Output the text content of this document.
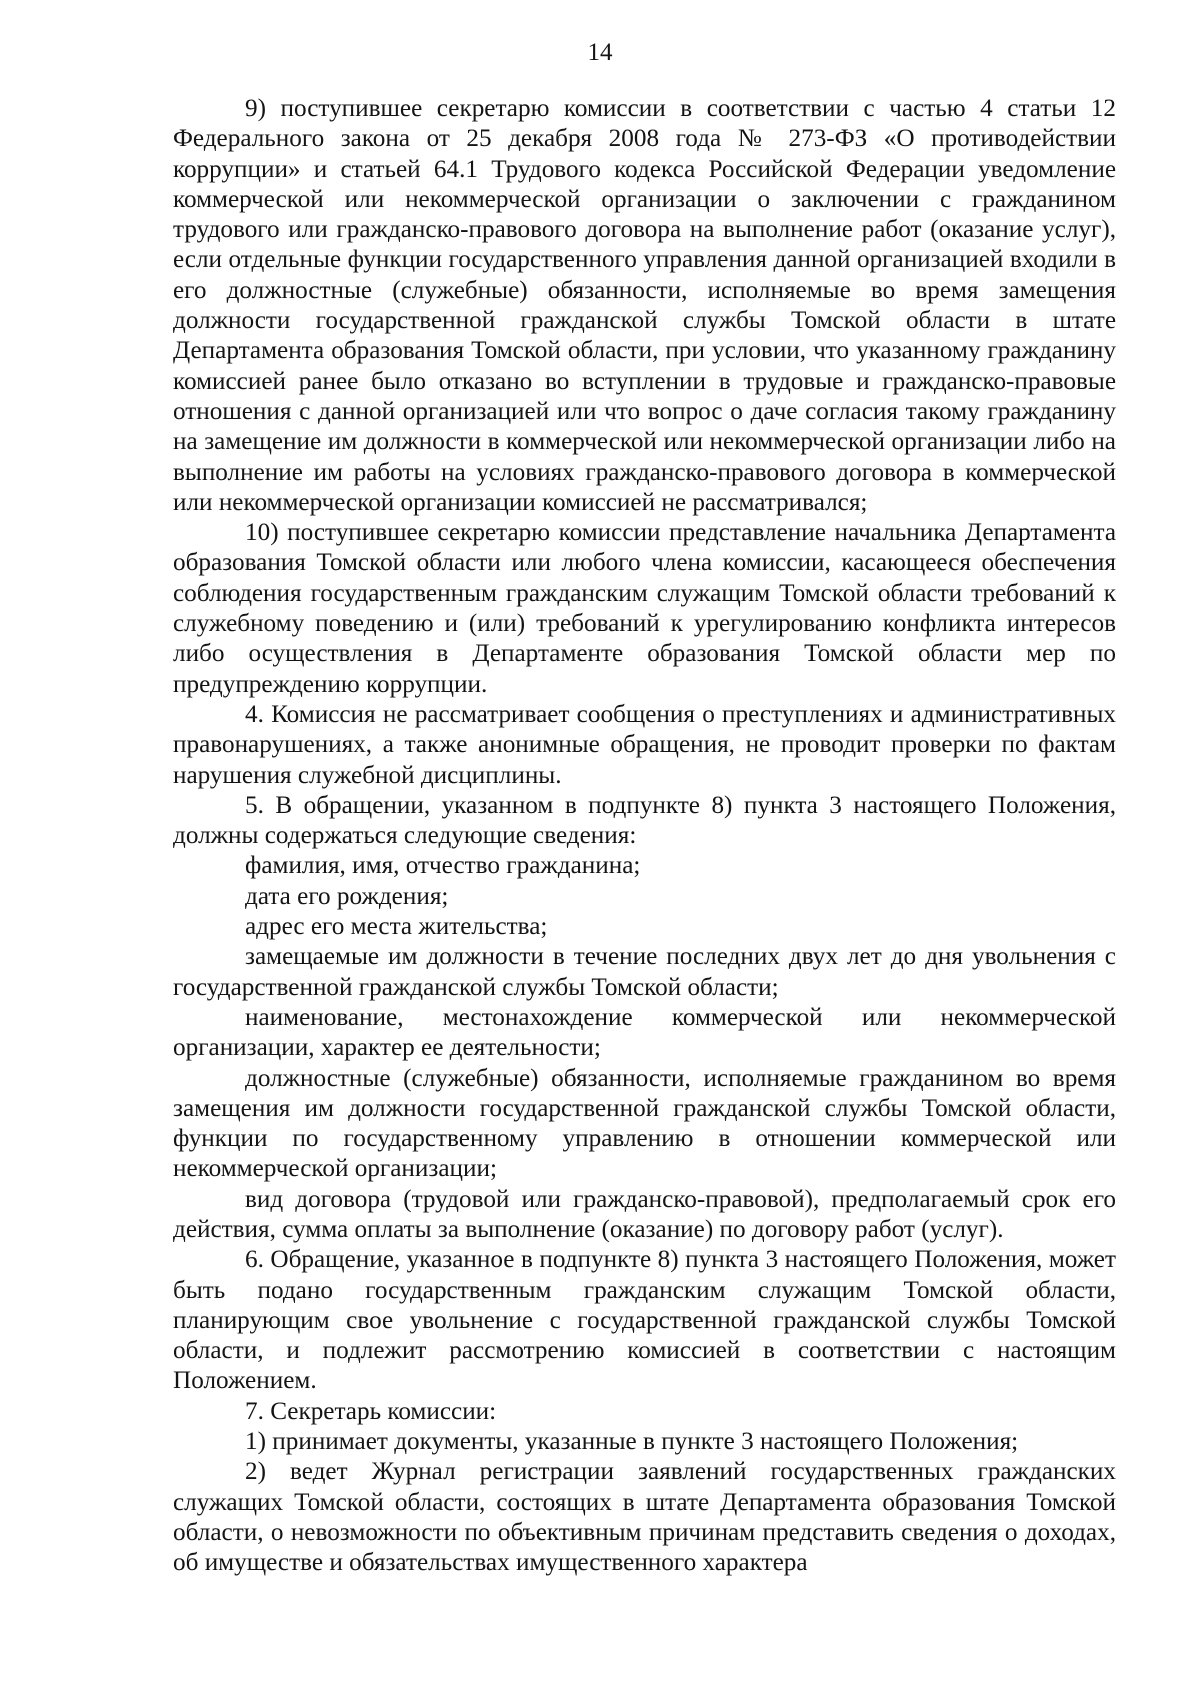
14

9) поступившее секретарю комиссии в соответствии с частью 4 статьи 12 Федерального закона от 25 декабря 2008 года № 273-ФЗ «О противодействии коррупции» и статьей 64.1 Трудового кодекса Российской Федерации уведомление коммерческой или некоммерческой организации о заключении с гражданином трудового или гражданско-правового договора на выполнение работ (оказание услуг), если отдельные функции государственного управления данной организацией входили в его должностные (служебные) обязанности, исполняемые во время замещения должности государственной гражданской службы Томской области в штате Департамента образования Томской области, при условии, что указанному гражданину комиссией ранее было отказано во вступлении в трудовые и гражданско-правовые отношения с данной организацией или что вопрос о даче согласия такому гражданину на замещение им должности в коммерческой или некоммерческой организации либо на выполнение им работы на условиях гражданско-правового договора в коммерческой или некоммерческой организации комиссией не рассматривался;

10) поступившее секретарю комиссии представление начальника Департамента образования Томской области или любого члена комиссии, касающееся обеспечения соблюдения государственным гражданским служащим Томской области требований к служебному поведению и (или) требований к урегулированию конфликта интересов либо осуществления в Департаменте образования Томской области мер по предупреждению коррупции.

4. Комиссия не рассматривает сообщения о преступлениях и административных правонарушениях, а также анонимные обращения, не проводит проверки по фактам нарушения служебной дисциплины.

5. В обращении, указанном в подпункте 8) пункта 3 настоящего Положения, должны содержаться следующие сведения:

фамилия, имя, отчество гражданина;

дата его рождения;

адрес его места жительства;

замещаемые им должности в течение последних двух лет до дня увольнения с государственной гражданской службы Томской области;

наименование, местонахождение коммерческой или некоммерческой организации, характер ее деятельности;

должностные (служебные) обязанности, исполняемые гражданином во время замещения им должности государственной гражданской службы Томской области, функции по государственному управлению в отношении коммерческой или некоммерческой организации;

вид договора (трудовой или гражданско-правовой), предполагаемый срок его действия, сумма оплаты за выполнение (оказание) по договору работ (услуг).

6. Обращение, указанное в подпункте 8) пункта 3 настоящего Положения, может быть подано государственным гражданским служащим Томской области, планирующим свое увольнение с государственной гражданской службы Томской области, и подлежит рассмотрению комиссией в соответствии с настоящим Положением.

7. Секретарь комиссии:

1) принимает документы, указанные в пункте 3 настоящего Положения;

2) ведет Журнал регистрации заявлений государственных гражданских служащих Томской области, состоящих в штате Департамента образования Томской области, о невозможности по объективным причинам представить сведения о доходах, об имуществе и обязательствах имущественного характера
